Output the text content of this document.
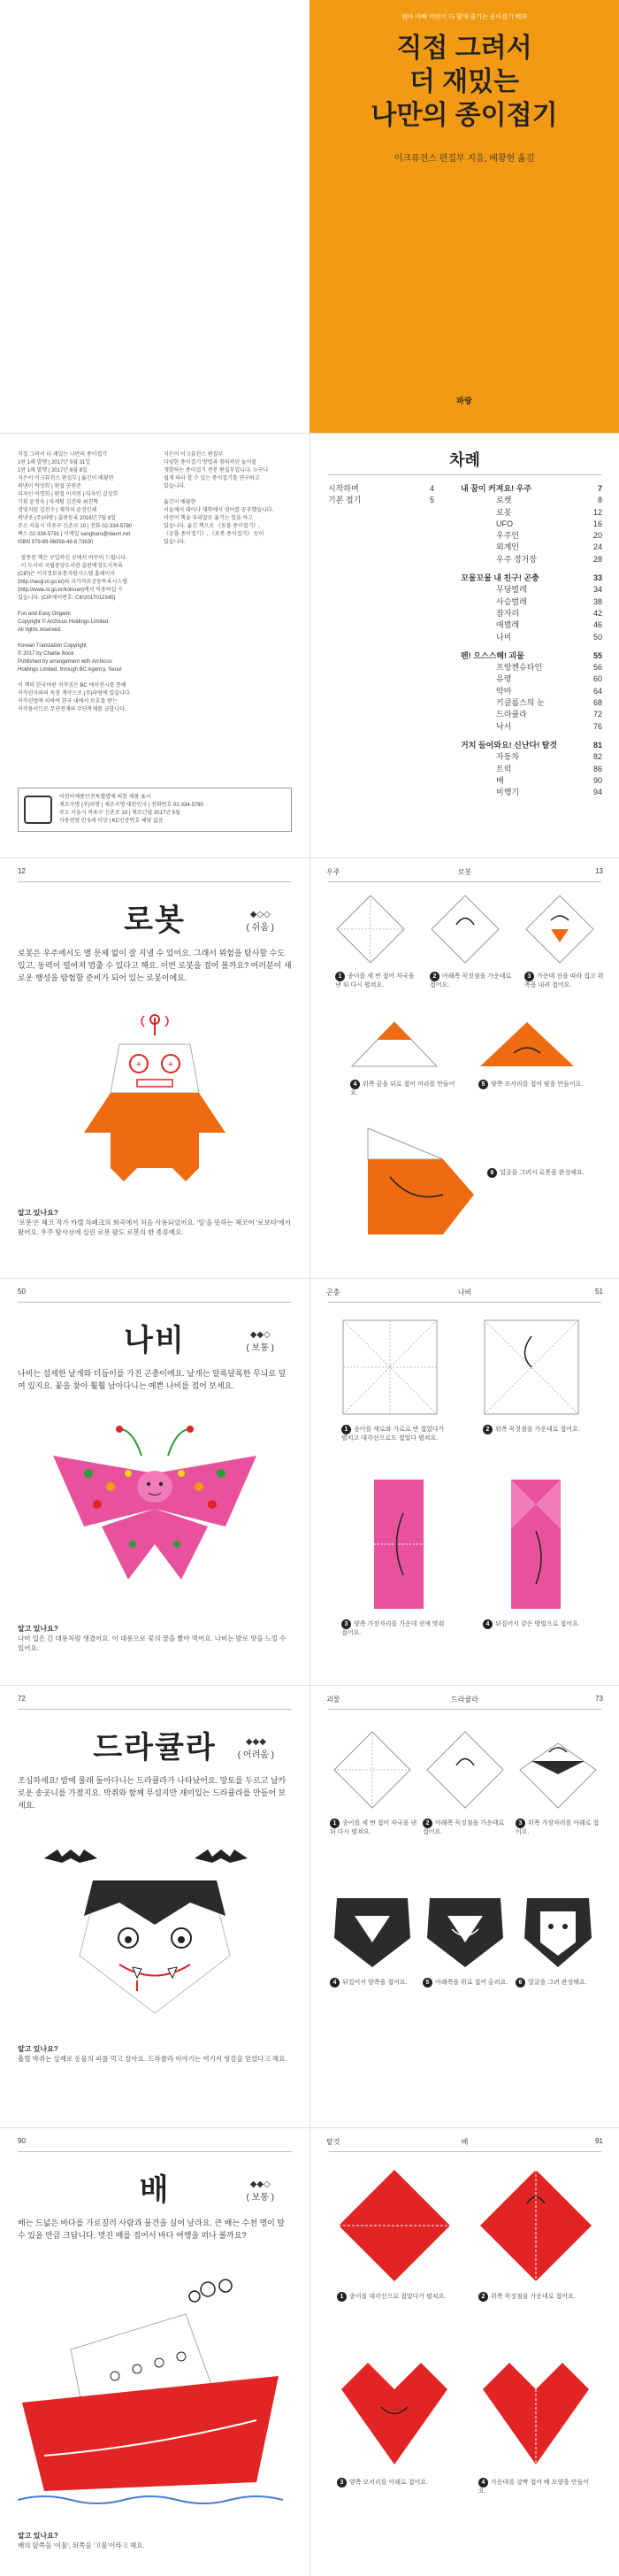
엄마 아빠 어린이 다 함께 즐기는 종이접기 백과
직접 그려서
더 재밌는
나만의 종이접기
이크퓨전스 편집부 지음, 배황현 옮김
파랑
직접 그려서 더 재밌는 나만의 종이접기
1판 1쇄 발행 | 2017년 5월 31일
1판 1쇄 발행 | 2017년 6월 8일
지은이 이크퓨전스 편집부 | 옮긴이 배황현
펴낸이 박상희 | 편집 공원준
디자인 이명희 | 편집 이지연 | 디자인 김상희
기획 윤정숙 | 마케팅 김진태 최진혁
경영지원 김진수 | 제작처 공진인쇄
펴낸곳 (주)파랑 | 출판등록 2016년 7월 8일
주소 서울시 마포구 신촌로 10 | 전화 02-334-5780
팩스 02-334-5781 | 이메일 sangbaru@daum.net
ISBN 979-89-96058-48-8 73630
· 잘못된 책은 구입하신 곳에서 바꾸어 드립니다.
· 이 도서의 국립중앙도서관 출판예정도서목록
(CIP)은 서지정보유통지원시스템 홈페이지
(http://seoji.nl.go.kr)와 국가자료공동목록시스템
(http://www.nl.go.kr/kolisnet)에서 이용하실 수
있습니다. (CIP제어번호: CIP2017012345)
Fun and Easy Origami
Copyright © Archicus Holdings Limited
All rights reserved.
Korean Translation Copyright
© 2017 by Charlie Book
Published by arrangement with Archicus
Holdings Limited, through BC Agency, Seoul
이 책의 한국어판 저작권은 BC 에이전시를 통해
저작권자와의 독점 계약으로 (주)파랑에 있습니다.
저작권법에 의하여 한국 내에서 보호를 받는
저작물이므로 무단전재와 무단복제를 금합니다.
지은이 이크퓨전스 편집부
다양한 종이접기 방법과 창의적인 놀이를
개발하는 종이접기 전문 편집부입니다. 누구나
쉽게 따라 할 수 있는 종이접기를 연구하고
있습니다.
옮긴이 배황현
서울에서 태어나 대학에서 영어를 공부했습니다.
어린이 책을 우리말로 옮기는 일을 하고
있습니다. 옮긴 책으로 《동물 종이접기》,
《공룡 종이접기》, 《로봇 종이접기》 등이
있습니다.
어린이제품안전특별법에 의한 제품 표시
제조자명 (주)파랑 | 제조국명 대한민국 | 전화번호 02-334-5780
주소 서울시 마포구 신촌로 10 | 제조년월 2017년 5월
사용연령 만 5세 이상 | KC인증번호 해당 없음
차례
시작하며	4
기본 접기	5
내 꿈이 커져요! 우주	7
로켓	8
로봇	12
UFO	16
우주인	20
외계인	24
우주 정거장	28
꼬물꼬물 내 친구! 곤충	33
무당벌레	34
사슴벌레	38
잠자리	42
애벌레	46
나비	50
펜! 으스스해! 괴물	55
프랑켄슈타인	56
유령	60
악마	64
키클롭스의 눈	68
드라큘라	72
낙서	76
거치 들어와요! 신난다! 탈것	81
자동차	82
트럭	86
배	90
비행기	94
12
로봇	◆◇◇
( 쉬움 )
로봇은 우주에서도 별 문제 없이 잘 지낼 수 있어요. 그래서 위험을 탐사할 수도 있고, 동력이 떨어져 멈출 수 있다고 해요. 이번 로봇을 접어 볼까요? 여러분이 새로운 행성을 탐험할 준비가 되어 있는 로봇이에요.
+	+
알고 있나요?
'로봇'은 체코 작가 카렐 차페크의 희곡에서 처음 사용되었어요. '일'을 뜻하는 체코어 '로보타'에서 왔어요. 우주 탐사선에 실린 로봇 팔도 로봇의 한 종류예요.
우주	로봇	13
1 종이를 세 번 접어 자국을 낸 뒤 다시 펼쳐요.
2 아래쪽 꼭짓점을 가운데로 접어요.
3 가운데 선을 따라 접고 위쪽을 내려 접어요.
4 위쪽 끝을 뒤로 접어 머리를 만들어요.
5 양쪽 모서리를 접어 팔을 만들어요.
6 얼굴을 그려서 로봇을 완성해요.
50
나비	◆◆◇
( 보통 )
나비는 섬세한 날개와 더듬이를 가진 곤충이에요. 날개는 알록달록한 무늬로 덮여 있지요. 꽃을 찾아 훨훨 날아다니는 예쁜 나비를 접어 보세요.
알고 있나요?
나비 입은 긴 대롱처럼 생겼어요. 이 대롱으로 꽃의 꿀을 빨아 먹어요. 나비는 발로 맛을 느낄 수 있어요.
곤충	나비	51
1 종이를 세로와 가로로 반 접었다가 펼치고 대각선으로도 접었다 펼쳐요.
2 위쪽 꼭짓점을 가운데로 접어요.
3 양쪽 가장자리를 가운데 선에 맞춰 접어요.
4 뒤집어서 같은 방법으로 접어요.
72
드라큘라	◆◆◆
( 어려움 )
조심하세요! 밤에 몰래 돌아다니는 드라큘라가 나타났어요. 망토를 두르고 날카로운 송곳니를 가졌지요. 박쥐와 함께 무섭지만 재미있는 드라큘라를 만들어 보세요.
알고 있나요?
흡혈 박쥐는 실제로 동물의 피를 먹고 살아요. 드라큘라 이야기는 여기서 영감을 얻었다고 해요.
괴물	드라큘라	73
1 종이를 세 번 접어 자국을 낸 뒤 다시 펼쳐요.
2 아래쪽 꼭짓점을 가운데로 접어요.
3 위쪽 가장자리를 아래로 접어요.
4 뒤집어서 양쪽을 접어요.	5 아래쪽을 위로 접어 올려요.	6 얼굴을 그려 완성해요.
90
배	◆◆◇
( 보통 )
배는 드넓은 바다를 가로질러 사람과 물건을 실어 날라요. 큰 배는 수천 명이 탈 수 있을 만큼 크답니다. 멋진 배를 접어서 바다 여행을 떠나 볼까요?
알고 있나요?
배의 앞쪽을 '이물', 뒤쪽을 '고물'이라고 해요.
탈것	배	91
1 종이를 대각선으로 접었다가 펼쳐요.	2 위쪽 꼭짓점을 가운데로 접어요.
3 양쪽 모서리를 아래로 접어요.	4 가운데를 살짝 접어 배 모양을 만들어요.
